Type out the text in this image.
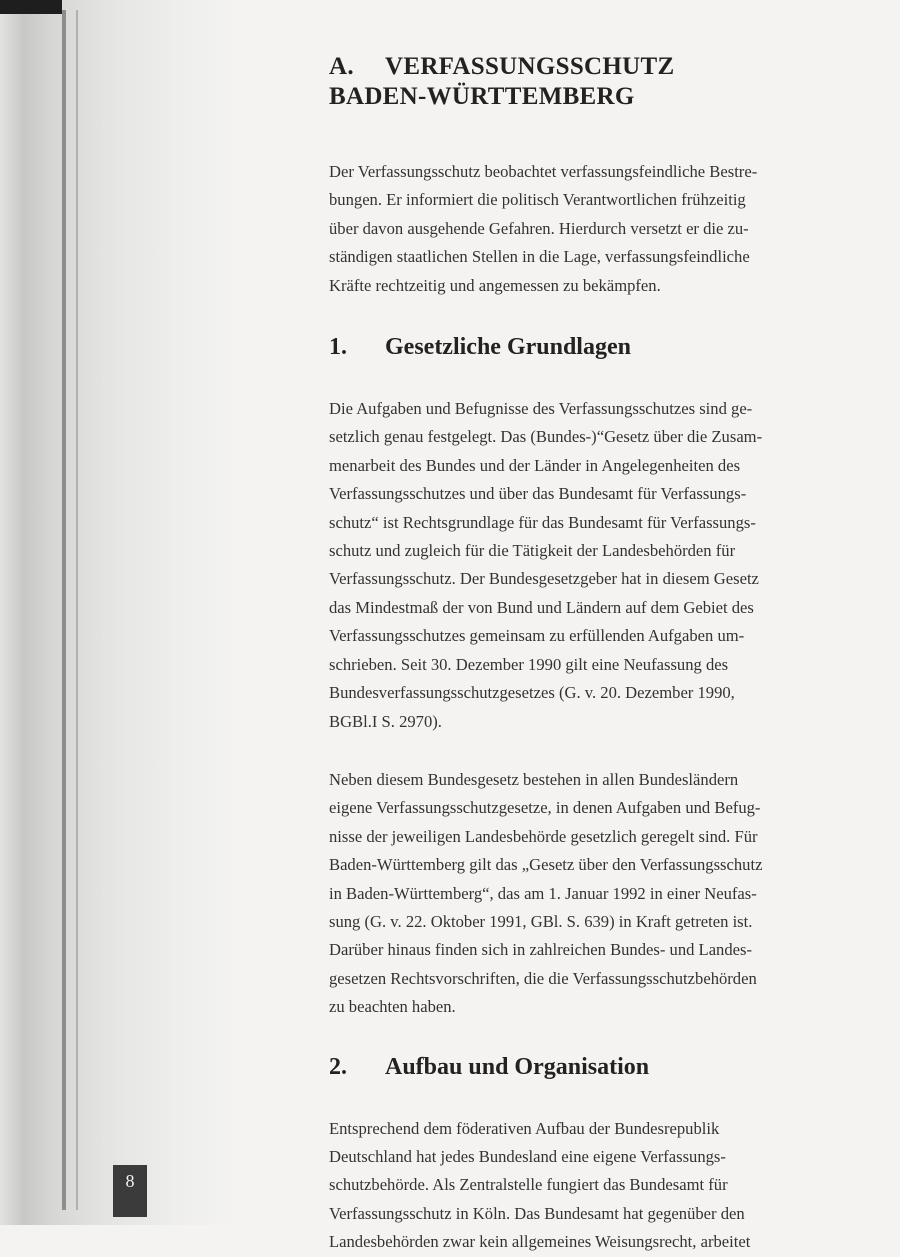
8
A. VERFASSUNGSSCHUTZ
BADEN-WÜRTTEMBERG
Der Verfassungsschutz beobachtet verfassungsfeindliche Bestre-
bungen. Er informiert die politisch Verantwortlichen frühzeitig
über davon ausgehende Gefahren. Hierdurch versetzt er die zu-
ständigen staatlichen Stellen in die Lage, verfassungsfeindliche
Kräfte rechtzeitig und angemessen zu bekämpfen.
1. Gesetzliche Grundlagen
Die Aufgaben und Befugnisse des Verfassungsschutzes sind ge-
setzlich genau festgelegt. Das (Bundes-)“Gesetz über die Zusam-
menarbeit des Bundes und der Länder in Angelegenheiten des
Verfassungsschutzes und über das Bundesamt für Verfassungs-
schutz“ ist Rechtsgrundlage für das Bundesamt für Verfassungs-
schutz und zugleich für die Tätigkeit der Landesbehörden für
Verfassungsschutz. Der Bundesgesetzgeber hat in diesem Gesetz
das Mindestmaß der von Bund und Ländern auf dem Gebiet des
Verfassungsschutzes gemeinsam zu erfüllenden Aufgaben um-
schrieben. Seit 30. Dezember 1990 gilt eine Neufassung des
Bundesverfassungsschutzgesetzes (G. v. 20. Dezember 1990,
BGBl.I S. 2970).
Neben diesem Bundesgesetz bestehen in allen Bundesländern
eigene Verfassungsschutzgesetze, in denen Aufgaben und Befug-
nisse der jeweiligen Landesbehörde gesetzlich geregelt sind. Für
Baden-Württemberg gilt das „Gesetz über den Verfassungsschutz
in Baden-Württemberg“, das am 1. Januar 1992 in einer Neufas-
sung (G. v. 22. Oktober 1991, GBl. S. 639) in Kraft getreten ist.
Darüber hinaus finden sich in zahlreichen Bundes- und Landes-
gesetzen Rechtsvorschriften, die die Verfassungsschutzbehörden
zu beachten haben.
2. Aufbau und Organisation
Entsprechend dem föderativen Aufbau der Bundesrepublik
Deutschland hat jedes Bundesland eine eigene Verfassungs-
schutzbehörde. Als Zentralstelle fungiert das Bundesamt für
Verfassungsschutz in Köln. Das Bundesamt hat gegenüber den
Landesbehörden zwar kein allgemeines Weisungsrecht, arbeitet
